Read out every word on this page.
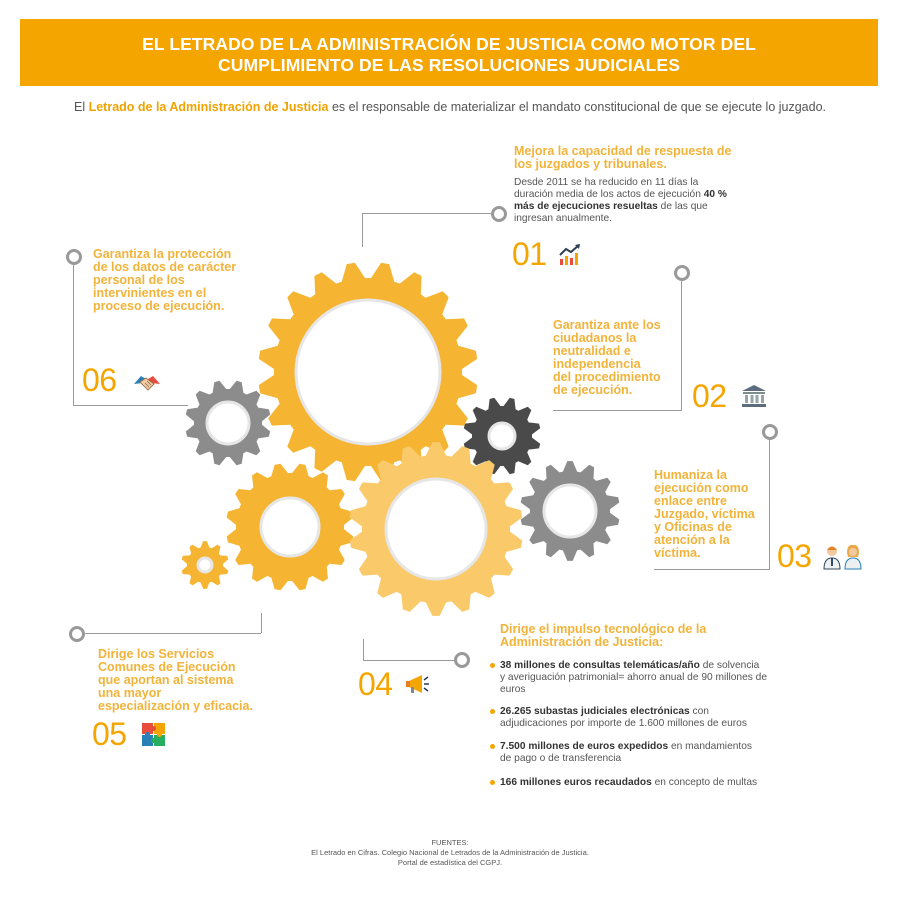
EL LETRADO DE LA ADMINISTRACIÓN DE JUSTICIA COMO MOTOR DEL
CUMPLIMIENTO DE LAS RESOLUCIONES JUDICIALES
El Letrado de la Administración de Justicia es el responsable de materializar el mandato constitucional de que se ejecute lo juzgado.
Mejora la capacidad de respuesta de
los juzgados y tribunales.
Desde 2011 se ha reducido en 11 días la
duración media de los actos de ejecución 40 %
más de ejecuciones resueltas de las que
ingresan anualmente.
01
Garantiza ante los
ciudadanos la
neutralidad e
independencia
del procedimiento
de ejecución.	02
Humaniza la
ejecución como
enlace entre
Juzgado, víctima
y Oficinas de
atención a la
víctima.	03
Dirige el impulso tecnológico de la
Administración de Justicia:
04
38 millones de consultas telemáticas/año de solvencia
y averiguación patrimonial= ahorro anual de 90 millones de
euros
26.265 subastas judiciales electrónicas con
adjudicaciones por importe de 1.600 millones de euros
7.500 millones de euros expedidos en mandamientos
de pago o de transferencia
166 millones euros recaudados en concepto de multas
Dirige los Servicios
Comunes de Ejecución
que aportan al sistema
una mayor
especialización y eficacia.
05
Garantiza la protección
de los datos de carácter
personal de los
intervinientes en el
proceso de ejecución.
06
FUENTES:
El Letrado en Cifras. Colegio Nacional de Letrados de la Administración de Justicia.
Portal de estadística del CGPJ.
